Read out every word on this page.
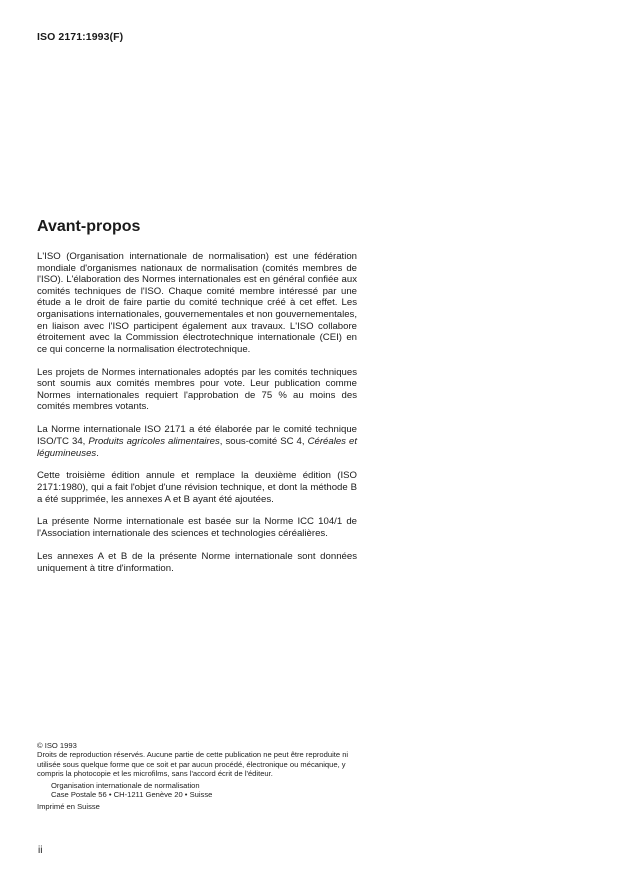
ISO 2171:1993(F)
Avant-propos

L'ISO (Organisation internationale de normalisation) est une fédération mondiale d'organismes nationaux de normalisation (comités membres de l'ISO). L'élaboration des Normes internationales est en général confiée aux comités techniques de l'ISO. Chaque comité membre intéressé par une étude a le droit de faire partie du comité technique créé à cet effet. Les organisations internationales, gouvernementales et non gouvernementales, en liaison avec l'ISO participent également aux travaux. L'ISO collabore étroitement avec la Commission électrotechnique internationale (CEI) en ce qui concerne la normalisation électrotechnique.

Les projets de Normes internationales adoptés par les comités techniques sont soumis aux comités membres pour vote. Leur publication comme Normes internationales requiert l'approbation de 75 % au moins des comités membres votants.

La Norme internationale ISO 2171 a été élaborée par le comité technique ISO/TC 34, Produits agricoles alimentaires, sous-comité SC 4, Céréales et légumineuses.

Cette troisième édition annule et remplace la deuxième édition (ISO 2171:1980), qui a fait l'objet d'une révision technique, et dont la méthode B a été supprimée, les annexes A et B ayant été ajoutées.

La présente Norme internationale est basée sur la Norme ICC 104/1 de l'Association internationale des sciences et technologies céréalières.

Les annexes A et B de la présente Norme internationale sont données uniquement à titre d'information.

© ISO 1993
Droits de reproduction réservés. Aucune partie de cette publication ne peut être reproduite ni utilisée sous quelque forme que ce soit et par aucun procédé, électronique ou mécanique, y compris la photocopie et les microfilms, sans l'accord écrit de l'éditeur.
Organisation internationale de normalisation
Case Postale 56 • CH-1211 Genève 20 • Suisse
Imprimé en Suisse
ii
